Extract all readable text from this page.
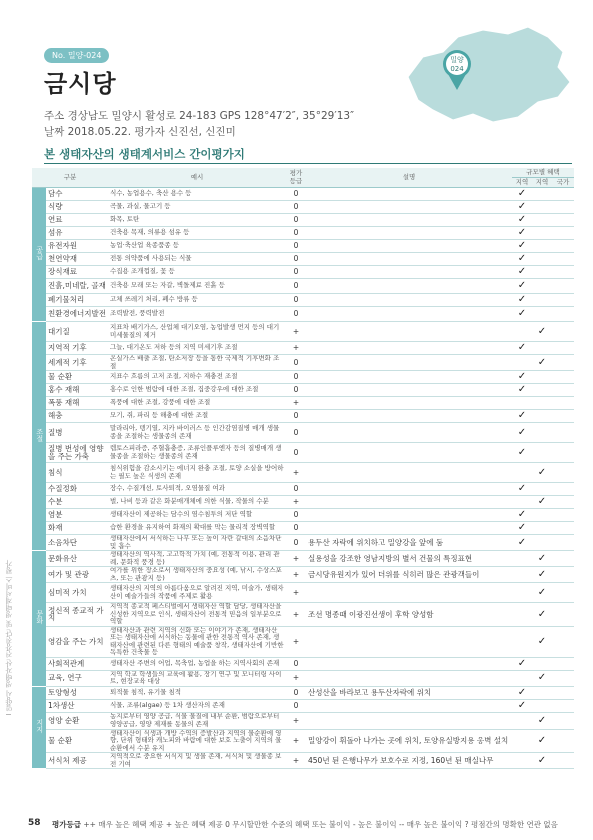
No. 밀양-024
금시당
주소 경상남도 밀양시 활성로 24-183 GPS 128°47′2″, 35°29′13″
날짜 2018.05.22. 평가자 신진선, 신진미
밀양
024
본 생태자산의 생태계서비스 간이평가지
구분		예시	평가 등급	설명	규모별 혜택		
					지역	지역	국가
공급	담수	식수, 농업용수, 축산 용수 등	0		✓		
	식량	곡물, 과실, 물고기 등	0		✓		
	연료	화목, 토탄	0		✓		
	섬유	건축용 목재, 의류용 섬유 등	0		✓		
	유전자원	농업·축산업 육종품종 등	0		✓		
	천연약재	전통 의약품에 사용되는 식물	0		✓		
	장식재료	수집용 조개껍질, 꽃 등	0		✓		
	진흙,미네랄, 골재	건축용 모래 또는 자갈, 벽돌제료 진흙 등	0		✓		
	폐기물처리	고체 쓰레기 처리, 폐수 방류 등	0		✓		
	친환경에너지발전	조력발전, 풍력발전	0		✓		
조절	대기질	지표차 배기가스, 산업체 대기오염, 농업발생 먼지 등의 대기 미세물질의 제거	+			✓	
	지역적 기후	그늘, 대기온도 저하 등의 지역 미세기후 조절	+		✓		
	세계적 기후	온실가스 배출 조절, 탄소저장 등을 통한 국제적 기후변화 조절	0			✓	
	물 순환	지표수 흐름의 고저 조절, 지하수 재충전 조절	0		✓		
	홍수 재해	홍수로 인한 범람에 대한 조절, 집중강우에 대한 조절	0		✓		
	폭풍 재해	폭풍에 대한 조절, 강풍에 대한 조절	+				
	해충	모기, 쥐, 파리 등 해충에 대한 조절	0		✓		
	질병	말라리아, 뎅기열, 지카 바이러스 등 인간감염질병 매개 생물종을 조절하는 생물종의 존재	0		✓		
	질병 번성에 영향을 주는 가축	렙토스피라증, 주혈흡충증, 조류인플루엔자 등의 질병매개 생물종을 조절하는 생물종의 존재	0		✓		
	침식	침식위험을 감소시키는 에너지 완충 조절, 토양 소실을 방어하는 필도 높은 식생의 존재	+			✓	
	수질정화	장수, 수질개선, 토사퇴적, 오염물질 여과	0		✓		
	수분	벌, 나비 등과 같은 화분매개체에 의한 식물, 작물의 수분	+			✓	
	염분	생태자산이 제공하는 담수의 염수침투의 저단 역할	0		✓		
	화재	습한 환경을 유지하여 화재의 확대를 막는 물리적 장벽역할	0		✓		
	소음차단	생태자산에서 서식하는 나무 또는 높이 자란 갈대의 소음차단 및 흡수	0	용두산 자락에 위치하고 밀양강을 앞에 둠	✓		
문화	문화유산	생태자산의 역사적, 고고학적 가치 (예, 전통적 이용, 관리 관례, 문화적 풍경 등)	+	실용성을 강조한 영남지방의 별서 건물의 특징표현		✓	
	여가 및 관광	여가를 위한 장소로서 생태자산의 중요성 (예, 낚시, 수상스포츠, 또는 관광지 등)	+	금시당유원지가 있어 더위를 식히러 많은 관광객들이		✓	
	심미적 가치	생태자산의 지역의 아름다움으로 알려진 지역, 미술가, 생태자산이 예술가들의 작품에 주제로 활용	+			✓	
	정신적 종교적 가치	지역적 종교적 페스티벌에서 생태자산 역할 담당, 생태자산을 신성한 지역으로 인식, 생태자산이 전통적 믿음의 일부분으로 역할	+	조선 명종때 이광진선생이 후학 양성함		✓	
	영감을 주는 가치	생태자산과 관련 지역의 신화 또는 이야기가 존재, 생태자산 또는 생태자산에 서식하는 동물에 관한 전통적 역사 존재, 생태자산에 관련된 다른 형태의 예술품 창작, 생태자산에 기반한 독특한 건축물 등	+			✓	
	사회적관계	생태자산 주변의 어업, 목축업, 농업을 하는 지역사회의 존재	0		✓		
	교육, 연구	지역 학교 학생들의 교육에 활용, 장기 연구 및 모니터링 사이트, 현장교육 대상	+			✓	
지지	토양형성	퇴적물 침적, 유기물 침적	0	산성산을 바라보고 용두산자락에 위치	✓		
	1차생산	식물, 조류(algae) 등 1차 생산자의 존재	0		✓		
	영양 순환	농지로부터 영양 공급, 식물 물질에 내부 순환, 범람으로부터 영양공급, 영양 제재를 동물의 존재	+			✓	
	물 순환	생태자산이 식생과 개방 수역의 증발산과 지역의 물순환에 영향, 단위 형태와 캐노피와 바람에 대한 보호 노출이 지역의 물순환에서 수분 유지	+	밀양강이 휘돌아 나가는 곳에 위치, 토양유실방지용 옹벽 설치		✓	
	서식처 제공	지역적으로 중요한 서식지 및 생물 존재, 서식처 및 생물종 보전 기여	+	450년 된 은행나무가 보호수로 지정, 160년 된 매실나무		✓	
I 밀양시 생태자산 건강진단 및 생태계서비스 평가
58 평가등급 ++ 매우 높은 혜택 제공 + 높은 혜택 제공 0 무시할만한 수준의 혜택 또는 불이익 - 높은 불이익 -- 매우 높은 불이익 ? 평점간의 명확한 연관 없음
